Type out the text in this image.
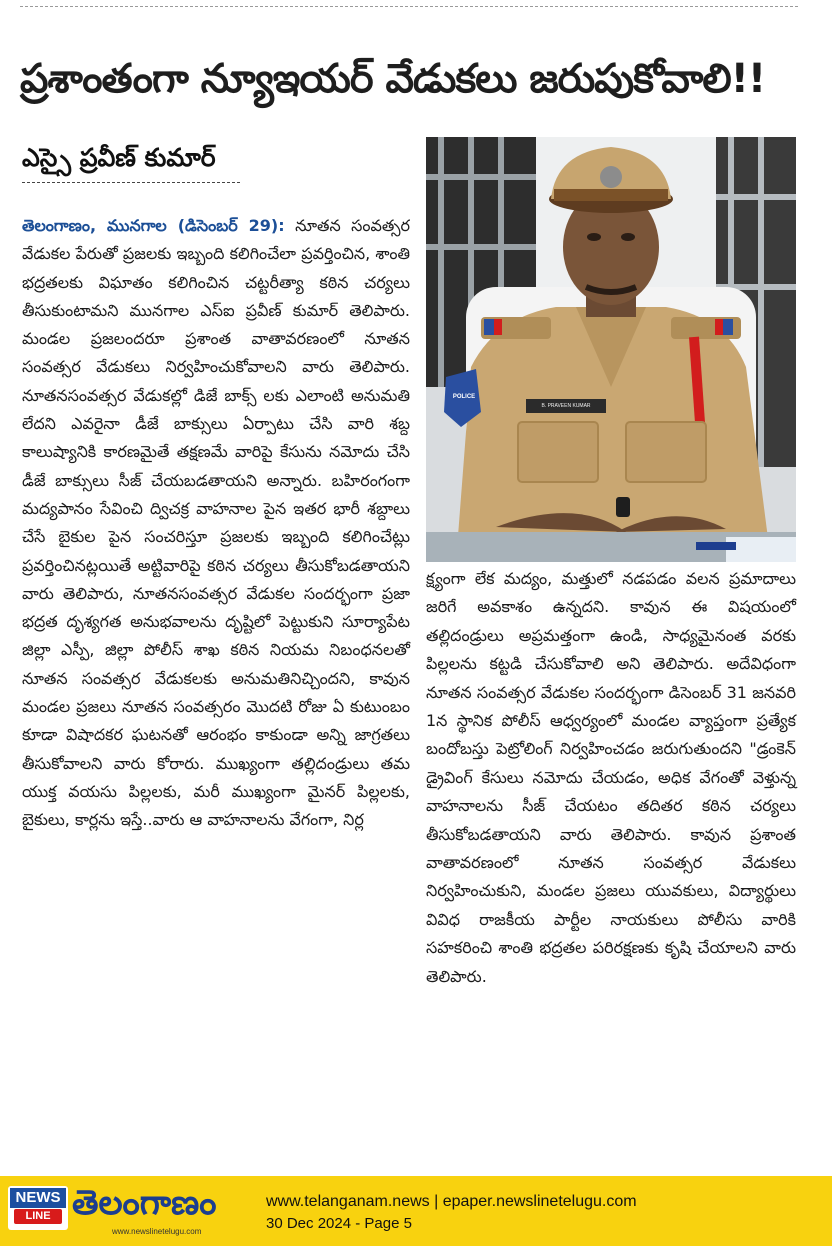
ప్రశాంతంగా న్యూఇయర్ వేడుకలు జరుపుకోవాలి!!
ఎస్సై ప్రవీణ్ కుమార్
తెలంగాణం, మునగాల (డిసెంబర్ 29): నూతన సంవత్సర వేడుకల పేరుతో ప్రజలకు ఇబ్బంది కలిగించేలా ప్రవర్తించిన, శాంతి భద్రతలకు విఘాతం కలిగించిన చట్టరీత్యా కఠిన చర్యలు తీసుకుంటామని మునగాల ఎస్ఐ ప్రవీణ్ కుమార్ తెలిపారు. మండల ప్రజలందరూ ప్రశాంత వాతావరణంలో నూతన సంవత్సర వేడుకలు నిర్వహించుకోవాలని వారు తెలిపారు. నూతనసంవత్సర వేడుకల్లో డిజే బాక్స్ లకు ఎలాంటి అనుమతి లేదని ఎవరైనా డీజే బాక్సులు ఏర్పాటు చేసి వారి శబ్ద కాలుష్యానికి కారణమైతే తక్షణమే వారిపై కేసును నమోదు చేసి డీజే బాక్సులు సీజ్ చేయబడతాయని అన్నారు. బహిరంగంగా మద్యపానం సేవించి ద్విచక్ర వాహనాల పైన ఇతర భారీ శబ్దాలు చేసే బైకుల పైన సంచరిస్తూ ప్రజలకు ఇబ్బంది కలిగించేట్లు ప్రవర్తించినట్లయితే అట్టివారిపై కఠిన చర్యలు తీసుకోబడతాయని వారు తెలిపారు, నూతనసంవత్సర వేడుకల సందర్భంగా ప్రజా భద్రత దృశ్యగత అనుభవాలను దృష్టిలో పెట్టుకుని సూర్యాపేట జిల్లా ఎస్పీ, జిల్లా పోలీస్ శాఖ కఠిన నియమ నిబంధనలతో నూతన సంవత్సర వేడుకలకు అనుమతినిచ్చిందని, కావున మండల ప్రజలు నూతన సంవత్సరం మొదటి రోజు ఏ కుటుంబం కూడా విషాదకర ఘటనతో ఆరంభం కాకుండా అన్ని జాగ్రతలు తీసుకోవాలని వారు కోరారు. ముఖ్యంగా తల్లిదండ్రులు తమ యుక్త వయసు పిల్లలకు, మరీ ముఖ్యంగా మైనర్ పిల్లలకు, బైకులు, కార్లను ఇస్తే..వారు ఆ వాహనాలను వేగంగా, నిర్ల
B. PRAVEEN KUMAR
POLICE
క్ష్యంగా లేక మద్యం, మత్తులో నడపడం వలన ప్రమాదాలు జరిగే అవకాశం ఉన్నదని. కావున ఈ విషయంలో తల్లిదండ్రులు అప్రమత్తంగా ఉండి, సాధ్యమైనంత వరకు పిల్లలను కట్టడి చేసుకోవాలి అని తెలిపారు. అదేవిధంగా నూతన సంవత్సర వేడుకల సందర్భంగా డిసెంబర్ 31 జనవరి 1న స్థానిక పోలీస్ ఆధ్వర్యంలో మండల వ్యాప్తంగా ప్రత్యేక బందోబస్తు పెట్రోలింగ్ నిర్వహించడం జరుగుతుందని "డ్రంకెన్ డ్రైవింగ్ కేసులు నమోదు చేయడం, అధిక వేగంతో వెళ్తున్న వాహనాలను సీజ్ చేయటం తదితర కఠిన చర్యలు తీసుకోబడతాయని వారు తెలిపారు. కావున ప్రశాంత వాతావరణంలో నూతన సంవత్సర వేడుకలు నిర్వహించుకుని, మండల ప్రజలు యువకులు, విద్యార్థులు వివిధ రాజకీయ పార్టీల నాయకులు పోలీసు వారికి సహకరించి శాంతి భద్రతల పరిరక్షణకు కృషి చేయాలని వారు తెలిపారు.
NEWS
LINE తెలంగాణం
www.newslinetelugu.com
www.telanganam.news | epaper.newslinetelugu.com
30 Dec 2024 - Page 5
